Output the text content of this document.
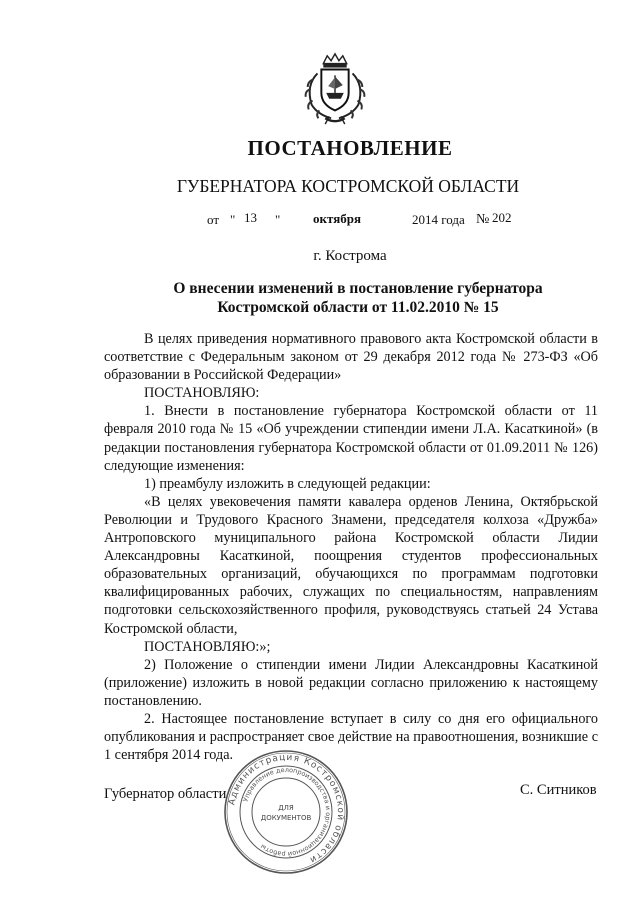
ПОСТАНОВЛЕНИЕ
ГУБЕРНАТОРА КОСТРОМСКОЙ ОБЛАСТИ
от " 13 "	октября	2014 года № 202
г. Кострома
О внесении изменений в постановление губернатора
Костромской области от 11.02.2010 № 15

В целях приведения нормативного правового акта Костромской области в соответствие с Федеральным законом от 29 декабря 2012 года № 273-ФЗ «Об образовании в Российской Федерации»

ПОСТАНОВЛЯЮ:

1. Внести в постановление губернатора Костромской области от 11 февраля 2010 года № 15 «Об учреждении стипендии имени Л.А. Касаткиной» (в редакции постановления губернатора Костромской области от 01.09.2011 № 126) следующие изменения:

1) преамбулу изложить в следующей редакции:

«В целях увековечения памяти кавалера орденов Ленина, Октябрьской Революции и Трудового Красного Знамени, председателя колхоза «Дружба» Антроповского муниципального района Костромской области Лидии Александровны Касаткиной, поощрения студентов профессиональных образовательных организаций, обучающихся по программам подготовки квалифицированных рабочих, служащих по специальностям, направлениям подготовки сельскохозяйственного профиля, руководствуясь статьей 24 Устава Костромской области,

ПОСТАНОВЛЯЮ:»;

2) Положение о стипендии имени Лидии Александровны Касаткиной (приложение) изложить в новой редакции согласно приложению к настоящему постановлению.

2. Настоящее постановление вступает в силу со дня его официального опубликования и распространяет свое действие на правоотношения, возникшие с 1 сентября 2014 года.

Губернатор области	С. Ситников
Администрация Костромской области
Управление делопроизводства и организационной работы
ДЛЯ
ДОКУМЕНТОВ
